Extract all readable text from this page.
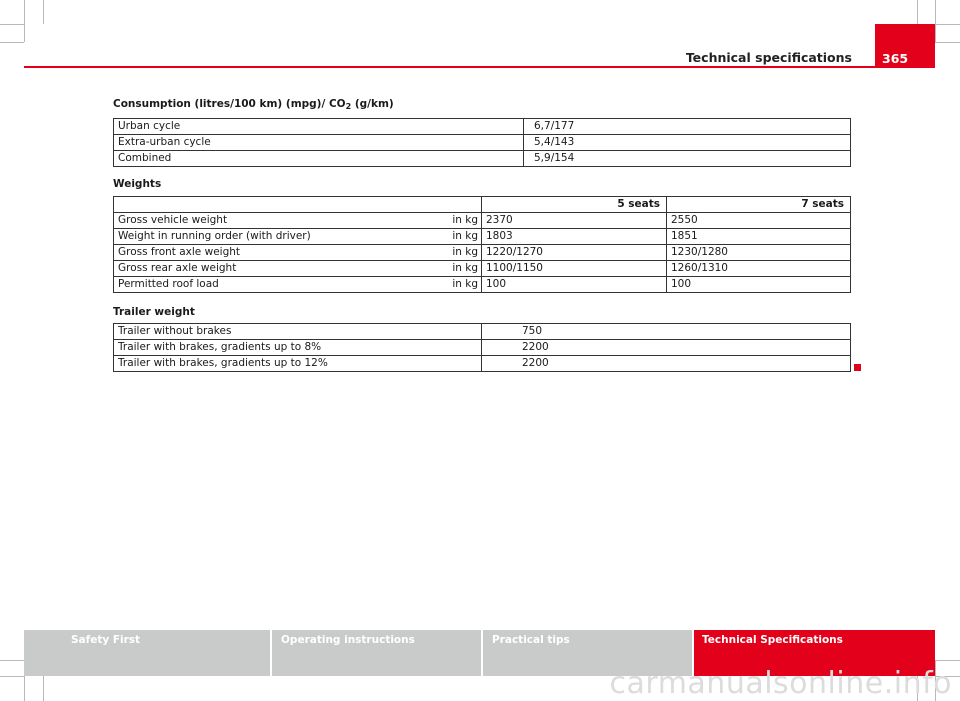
Technical specifications	365
Consumption (litres/100 km) (mpg)/ $CO_2$ (g/km)
Urban cycle	6,7/177
Extra-urban cycle	5,4/143
Combined	5,9/154
Weights
		5 seats	7 seats
Gross vehicle weight	in kg	2370	2550
Weight in running order (with driver)	in kg	1803	1851
Gross front axle weight	in kg	1220/1270	1230/1280
Gross rear axle weight	in kg	1100/1150	1260/1310
Permitted roof load	in kg	100	100
Trailer weight
Trailer without brakes	750
Trailer with brakes, gradients up to 8%	2200
Trailer with brakes, gradients up to 12%	2200
Safety First	Operating instructions	Practical tips	Technical Specifications
carmanualsonline.info
